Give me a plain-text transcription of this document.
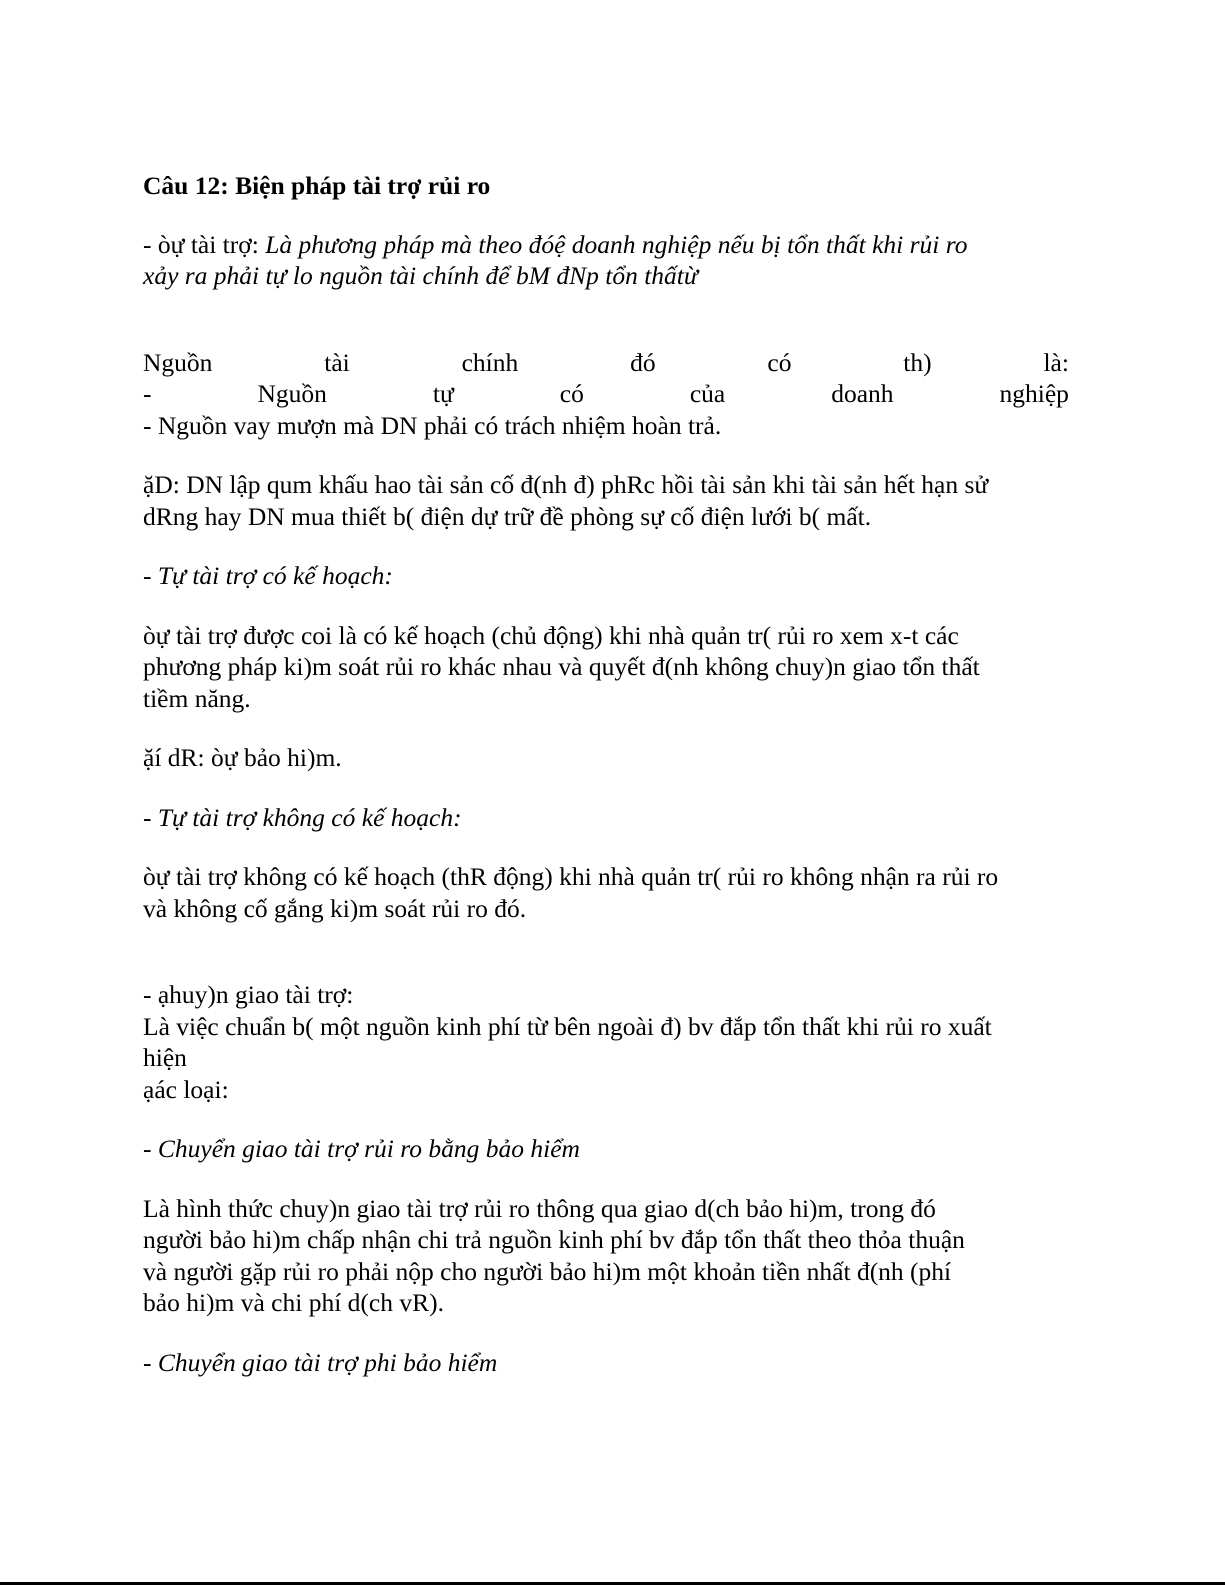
Câu 12: Biện pháp tài trợ rủi ro

- òự tài trợ: Là phương pháp mà theo đóệ doanh nghiệp nếu bị tổn thất khi rủi ro

xảy ra phải tự lo nguồn tài chính để bM đNp tổn thấtừ

Nguồn	tài	chính	đó	có	th)	là:
-	Nguồn	tự	có	của	doanh	nghiệp

- Nguồn vay mượn mà DN phải có trách nhiệm hoàn trả.

ặD: DN lập qum khấu hao tài sản cố đ(nh đ) phRc hồi tài sản khi tài sản hết hạn sử

dRng hay DN mua thiết b( điện dự trữ đề phòng sự cố điện lưới b( mất.

- Tự tài trợ có kế hoạch:

òự tài trợ được coi là có kế hoạch (chủ động) khi nhà quản tr( rủi ro xem x-t các

phương pháp ki)m soát rủi ro khác nhau và quyết đ(nh không chuy)n giao tổn thất

tiềm năng.

ặí dR: òự bảo hi)m.

- Tự tài trợ không có kế hoạch:

òự tài trợ không có kế hoạch (thR động) khi nhà quản tr( rủi ro không nhận ra rủi ro

và không cố gắng ki)m soát rủi ro đó.

- ạhuy)n giao tài trợ:

Là việc chuẩn b( một nguồn kinh phí từ bên ngoài đ) bv đắp tổn thất khi rủi ro xuất

hiện

ạác loại:

- Chuyển giao tài trợ rủi ro bằng bảo hiểm

Là hình thức chuy)n giao tài trợ rủi ro thông qua giao d(ch bảo hi)m, trong đó

người bảo hi)m chấp nhận chi trả nguồn kinh phí bv đắp tổn thất theo thỏa thuận

và người gặp rủi ro phải nộp cho người bảo hi)m một khoản tiền nhất đ(nh (phí

bảo hi)m và chi phí d(ch vR).

- Chuyển giao tài trợ phi bảo hiểm
